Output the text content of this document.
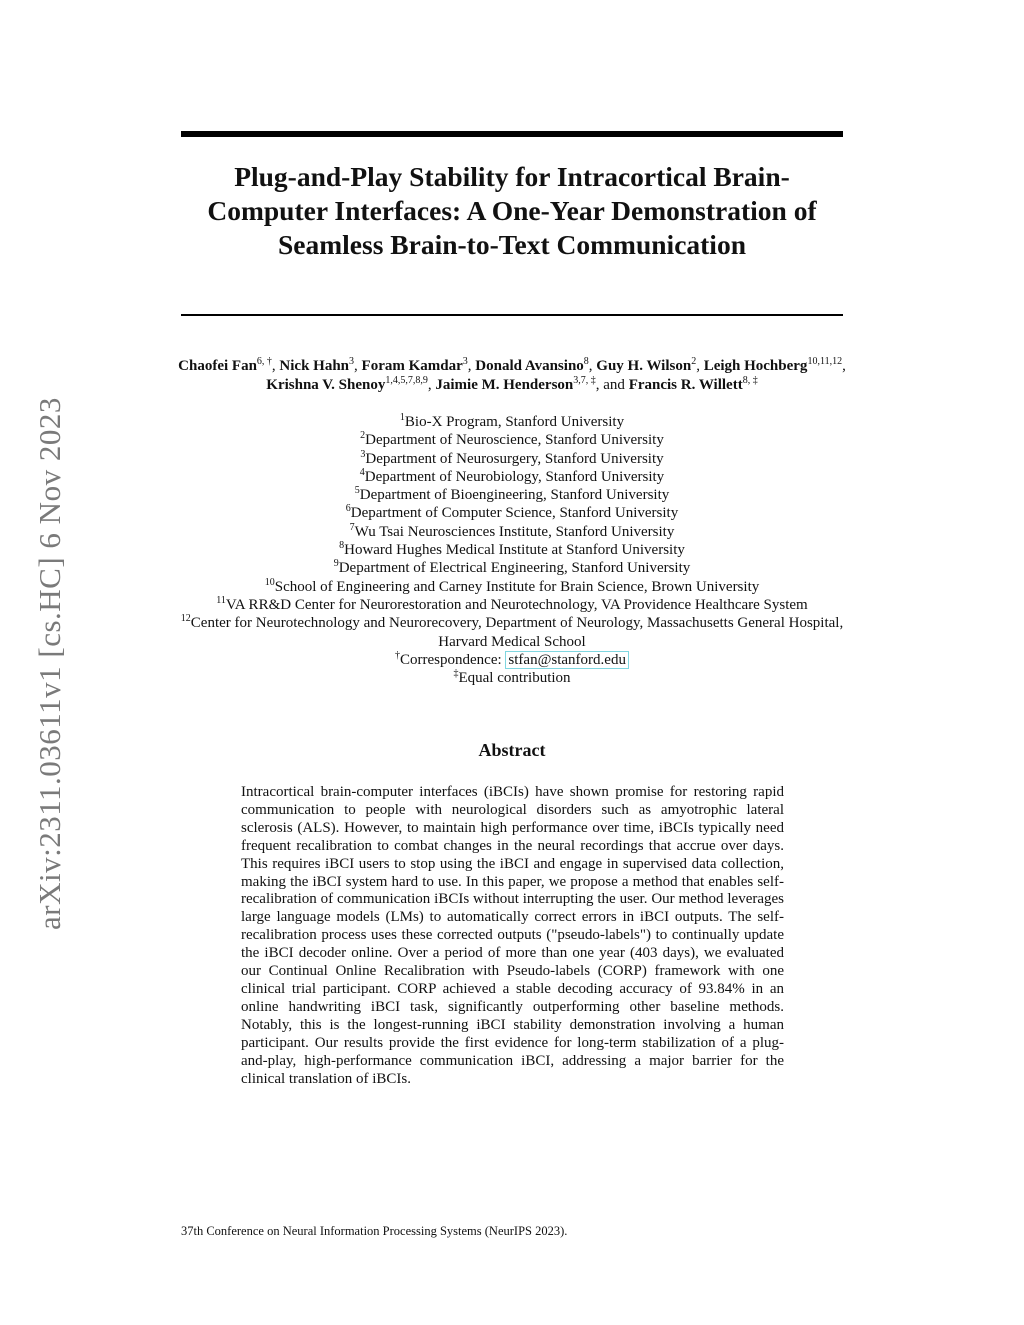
arXiv:2311.03611v1 [cs.HC] 6 Nov 2023
Plug-and-Play Stability for Intracortical Brain-Computer Interfaces: A One-Year Demonstration of Seamless Brain-to-Text Communication
Chaofei Fan$^{6, \dagger}$, Nick Hahn$^3$, Foram Kamdar$^3$, Donald Avansino$^8$, Guy H. Wilson$^2$, Leigh Hochberg$^{10,11,12}$, Krishna V. Shenoy$^{1,4,5,7,8,9}$, Jaimie M. Henderson$^{3,7, \ddagger}$, and Francis R. Willett$^{8, \ddagger}$
$^1$Bio-X Program, Stanford University
$^2$Department of Neuroscience, Stanford University
$^3$Department of Neurosurgery, Stanford University
$^4$Department of Neurobiology, Stanford University
$^5$Department of Bioengineering, Stanford University
$^6$Department of Computer Science, Stanford University
$^7$Wu Tsai Neurosciences Institute, Stanford University
$^8$Howard Hughes Medical Institute at Stanford University
$^9$Department of Electrical Engineering, Stanford University
$^{10}$School of Engineering and Carney Institute for Brain Science, Brown University
$^{11}$VA RR&D Center for Neurorestoration and Neurotechnology, VA Providence Healthcare System
$^{12}$Center for Neurotechnology and Neurorecovery, Department of Neurology, Massachusetts General Hospital, Harvard Medical School
†Correspondence: stfan@stanford.edu
‡Equal contribution
Abstract

Intracortical brain-computer interfaces (iBCIs) have shown promise for restoring rapid communication to people with neurological disorders such as amyotrophic lateral sclerosis (ALS). However, to maintain high performance over time, iBCIs typically need frequent recalibration to combat changes in the neural recordings that accrue over days. This requires iBCI users to stop using the iBCI and engage in supervised data collection, making the iBCI system hard to use. In this paper, we propose a method that enables self-recalibration of communication iBCIs without interrupting the user. Our method leverages large language models (LMs) to automatically correct errors in iBCI outputs. The self-recalibration process uses these corrected outputs ("pseudo-labels") to continually update the iBCI decoder online. Over a period of more than one year (403 days), we evaluated our Continual Online Recalibration with Pseudo-labels (CORP) framework with one clinical trial participant. CORP achieved a stable decoding accuracy of 93.84% in an online handwriting iBCI task, significantly outperforming other baseline methods. Notably, this is the longest-running iBCI stability demonstration involving a human participant. Our results provide the first evidence for long-term stabilization of a plug-and-play, high-performance communication iBCI, addressing a major barrier for the clinical translation of iBCIs.

37th Conference on Neural Information Processing Systems (NeurIPS 2023).
